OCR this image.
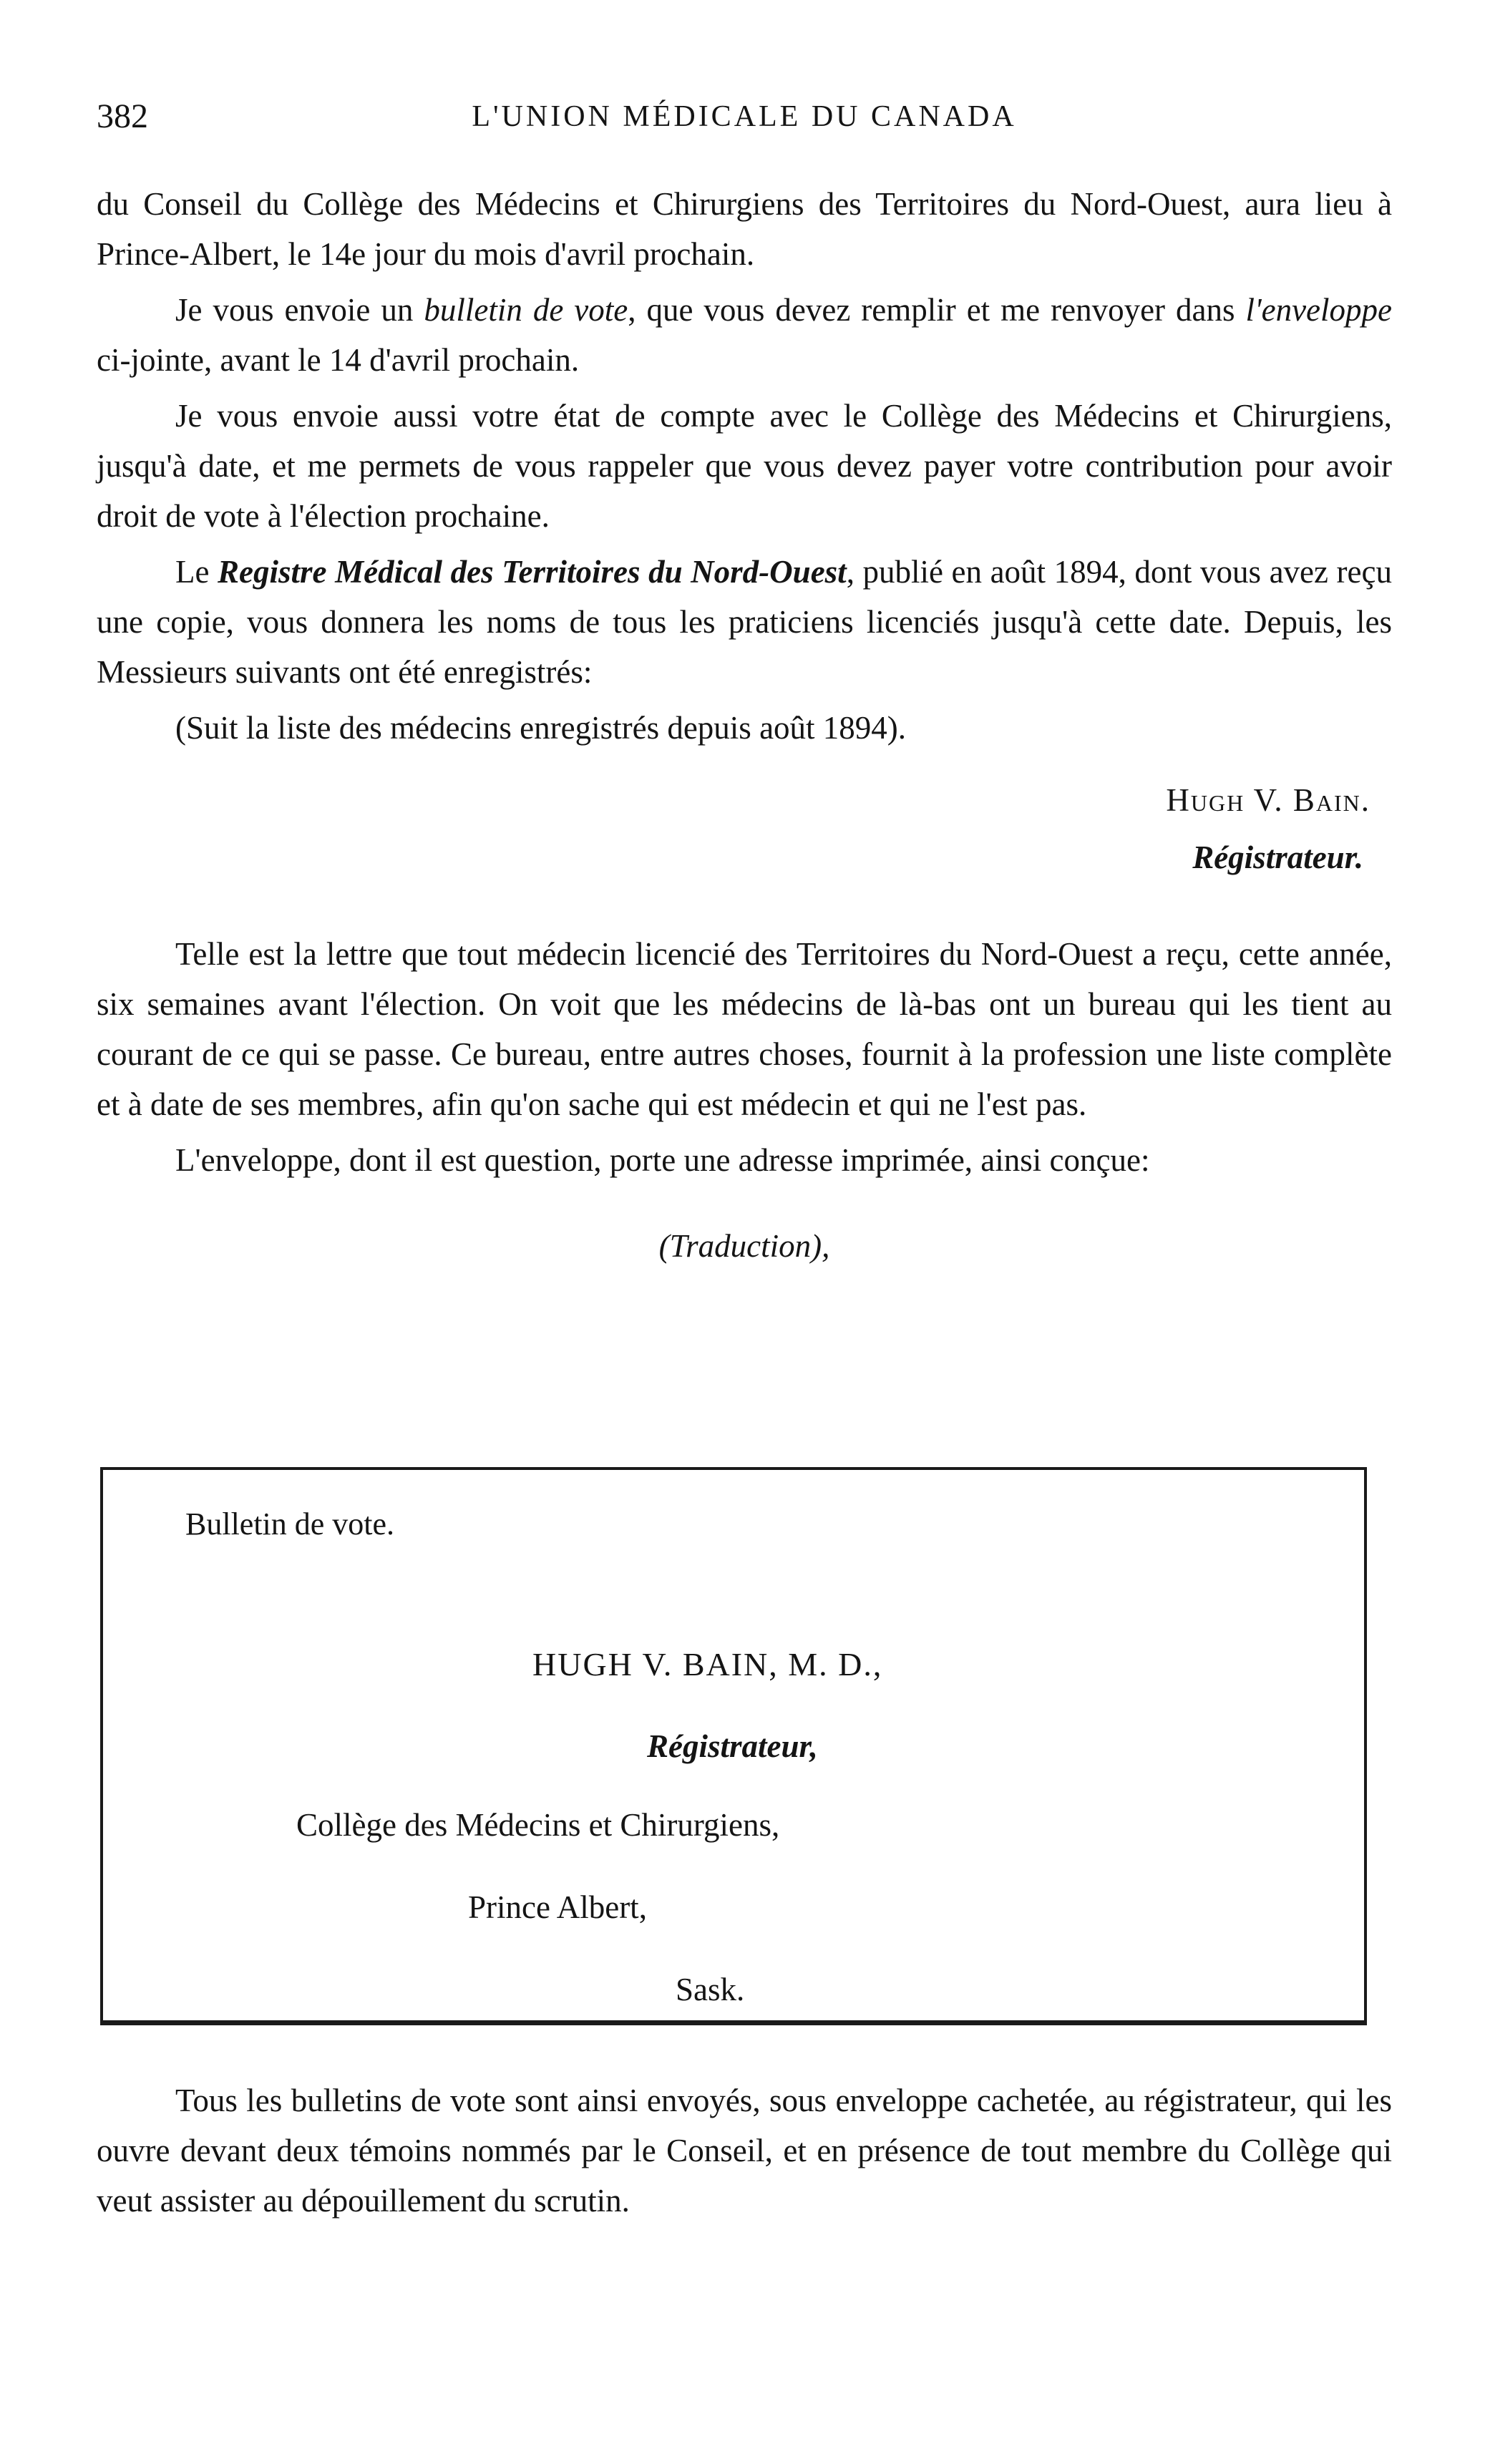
382	L'UNION MÉDICALE DU CANADA

du Conseil du Collège des Médecins et Chirurgiens des Territoires du Nord-Ouest, aura lieu à Prince-Albert, le 14e jour du mois d'avril prochain.

Je vous envoie un bulletin de vote, que vous devez remplir et me renvoyer dans l'enveloppe ci-jointe, avant le 14 d'avril prochain.

Je vous envoie aussi votre état de compte avec le Collège des Médecins et Chirurgiens, jusqu'à date, et me permets de vous rappeler que vous devez payer votre contribution pour avoir droit de vote à l'élection prochaine.

Le Registre Médical des Territoires du Nord-Ouest, publié en août 1894, dont vous avez reçu une copie, vous donnera les noms de tous les praticiens licenciés jusqu'à cette date. Depuis, les Messieurs suivants ont été enregistrés:

(Suit la liste des médecins enregistrés depuis août 1894).

Hugh V. Bain.
Régistrateur.

Telle est la lettre que tout médecin licencié des Territoires du Nord-Ouest a reçu, cette année, six semaines avant l'élection. On voit que les médecins de là-bas ont un bureau qui les tient au courant de ce qui se passe. Ce bureau, entre autres choses, fournit à la profession une liste complète et à date de ses membres, afin qu'on sache qui est médecin et qui ne l'est pas.

L'enveloppe, dont il est question, porte une adresse imprimée, ainsi conçue:

(Traduction),
Bulletin de vote.
HUGH V. BAIN, M. D.,
Régistrateur,
Collège des Médecins et Chirurgiens,
Prince Albert,
Sask.

Tous les bulletins de vote sont ainsi envoyés, sous enveloppe cachetée, au régistrateur, qui les ouvre devant deux témoins nommés par le Conseil, et en présence de tout membre du Collège qui veut assister au dépouillement du scrutin.
